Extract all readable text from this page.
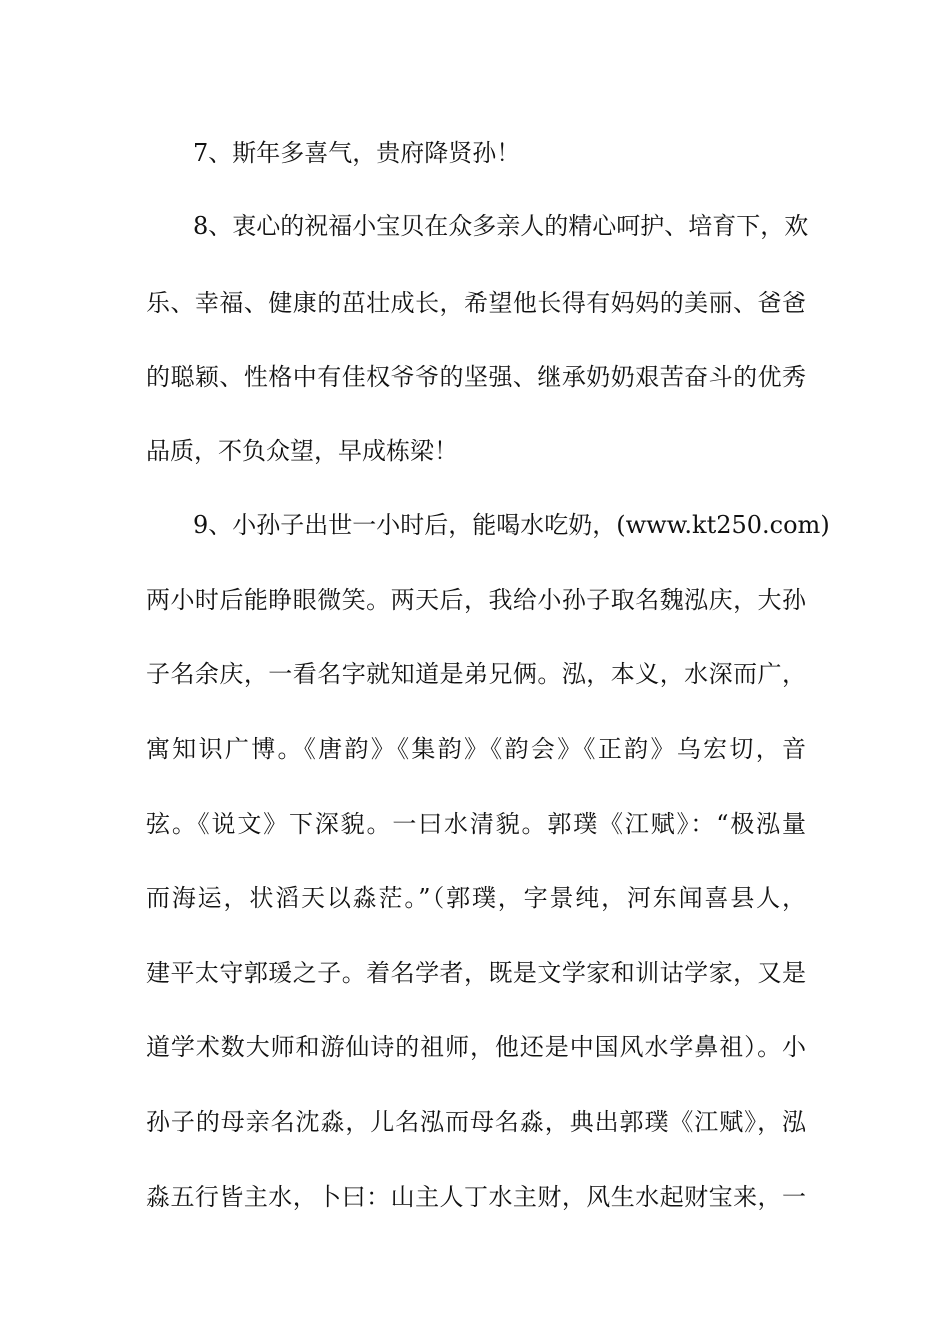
7、斯年多喜气，贵府降贤孙！
8、衷心的祝福小宝贝在众多亲人的精心呵护、培育下，欢
乐、幸福、健康的茁壮成长，希望他长得有妈妈的美丽、爸爸
的聪颖、性格中有佳权爷爷的坚强、继承奶奶艰苦奋斗的优秀
品质，不负众望，早成栋梁！
9、小孙子出世一小时后，能喝水吃奶，(www.kt250.com)
两小时后能睁眼微笑。两天后，我给小孙子取名魏泓庆，大孙
子名余庆，一看名字就知道是弟兄俩。泓，本义，水深而广，
寓知识广博。《唐韵》《集韵》《韵会》《正韵》乌宏切，音
弦。《说文》下深貌。一曰水清貌。郭璞《江赋》：“极泓量
而海运，状滔天以淼茫。”（郭璞，字景纯，河东闻喜县人，
建平太守郭瑗之子。着名学者，既是文学家和训诂学家，又是
道学术数大师和游仙诗的祖师，他还是中国风水学鼻祖）。小
孙子的母亲名沈淼，儿名泓而母名淼，典出郭璞《江赋》，泓
淼五行皆主水，卜曰：山主人丁水主财，风生水起财宝来，一
